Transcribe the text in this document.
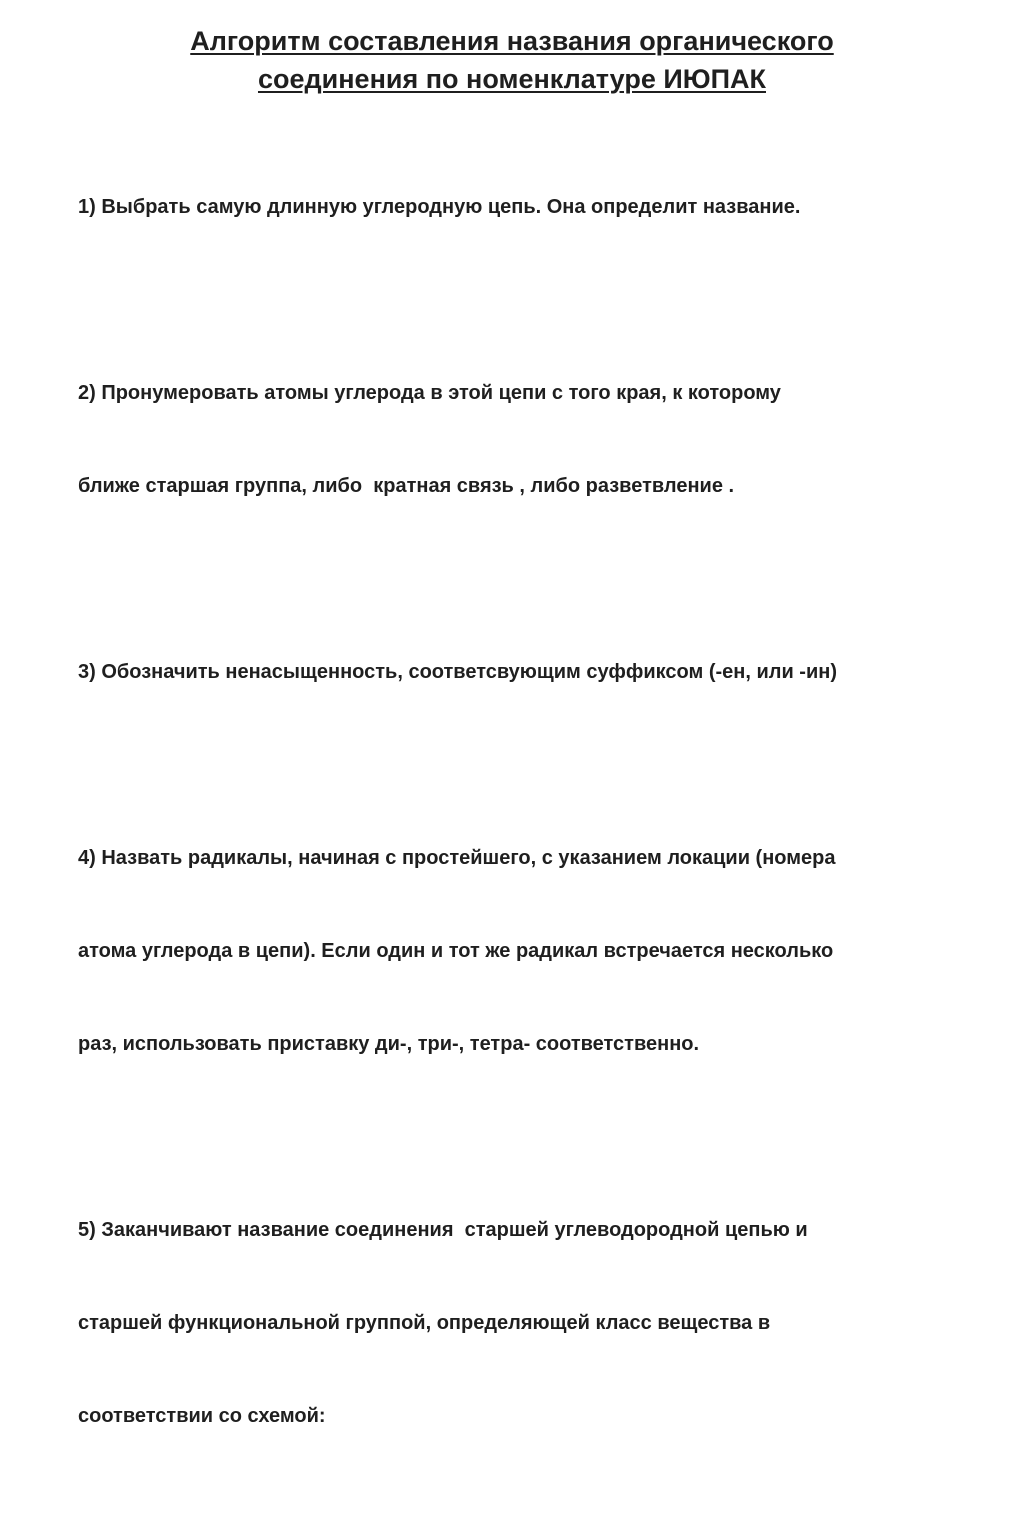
Алгоритм составления названия органического
соединения по номенклатуре ИЮПАК

1) Выбрать самую длинную углеродную цепь. Она определит название.

2) Пронумеровать атомы углерода в этой цепи с того края, к которому

ближе старшая группа, либо  кратная связь , либо разветвление .

3) Обозначить ненасыщенность, соответсвующим суффиксом (-ен, или -ин)

4) Назвать радикалы, начиная с простейшего, с указанием локации (номера

атома углерода в цепи). Если один и тот же радикал встречается несколько

раз, использовать приставку ди-, три-, тетра- соответственно.

5) Заканчивают название соединения  старшей углеводородной цепью и

старшей функциональной группой, определяющей класс вещества в

соответствии со схемой:
